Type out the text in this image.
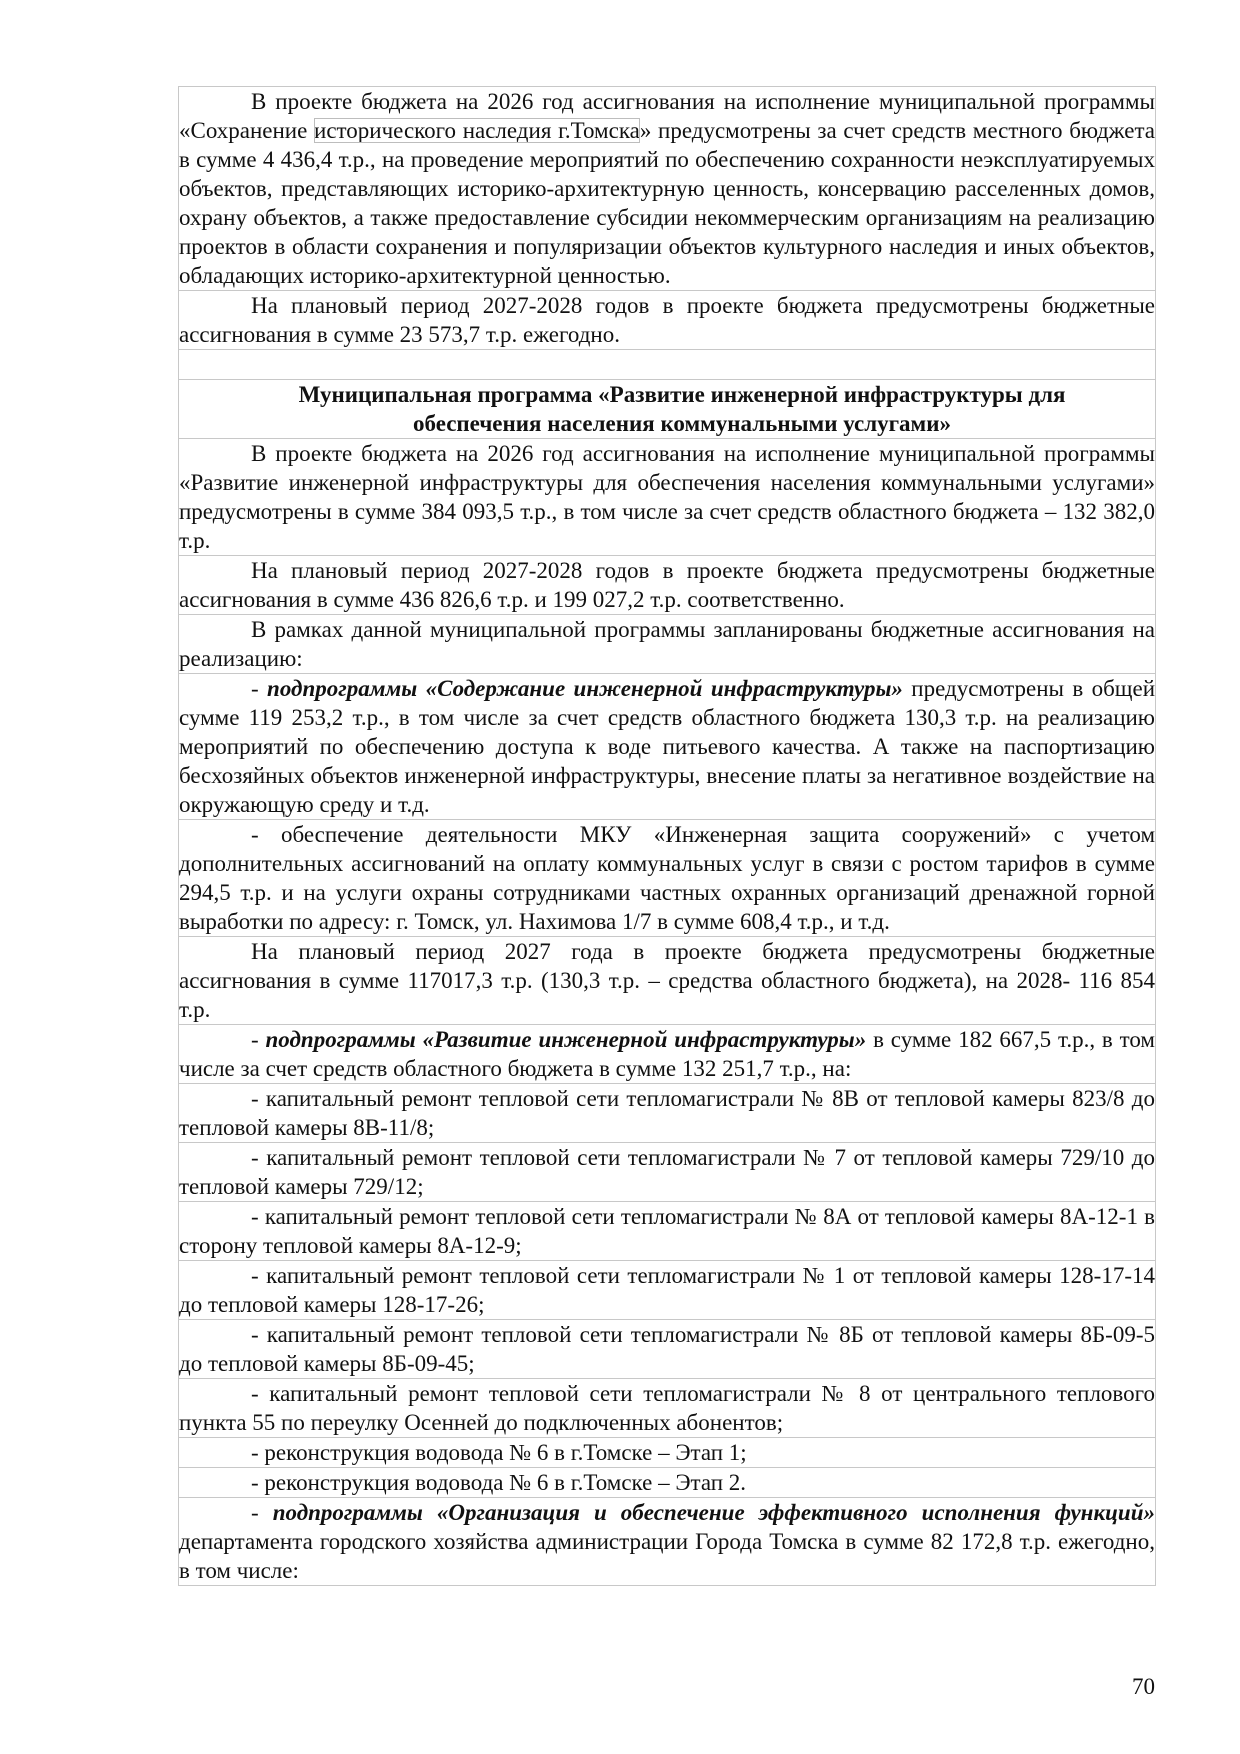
В проекте бюджета на 2026 год ассигнования на исполнение муниципальной программы «Сохранение исторического наследия г.Томска» предусмотрены за счет средств местного бюджета в сумме 4 436,4 т.р., на проведение мероприятий по обеспечению сохранности неэксплуатируемых объектов, представляющих историко-архитектурную ценность, консервацию расселенных домов, охрану объектов, а также предоставление субсидии некоммерческим организациям на реализацию проектов в области сохранения и популяризации объектов культурного наследия и иных объектов, обладающих историко-архитектурной ценностью.

На плановый период 2027-2028 годов в проекте бюджета предусмотрены бюджетные ассигнования в сумме 23 573,7 т.р. ежегодно.

Муниципальная программа «Развитие инженерной инфраструктуры для
обеспечения населения коммунальными услугами»

В проекте бюджета на 2026 год ассигнования на исполнение муниципальной программы «Развитие инженерной инфраструктуры для обеспечения населения коммунальными услугами» предусмотрены в сумме 384 093,5 т.р., в том числе за счет средств областного бюджета – 132 382,0 т.р.

На плановый период 2027-2028 годов в проекте бюджета предусмотрены бюджетные ассигнования в сумме 436 826,6 т.р. и 199 027,2 т.р. соответственно.

В рамках данной муниципальной программы запланированы бюджетные ассигнования на реализацию:

- подпрограммы «Содержание инженерной инфраструктуры» предусмотрены в общей сумме 119 253,2 т.р., в том числе за счет средств областного бюджета 130,3 т.р. на реализацию мероприятий по обеспечению доступа к воде питьевого качества. А также на паспортизацию бесхозяйных объектов инженерной инфраструктуры, внесение платы за негативное воздействие на окружающую среду и т.д.

- обеспечение деятельности МКУ «Инженерная защита сооружений» с учетом дополнительных ассигнований на оплату коммунальных услуг в связи с ростом тарифов в сумме 294,5 т.р. и на услуги охраны сотрудниками частных охранных организаций дренажной горной выработки по адресу: г. Томск, ул. Нахимова 1/7 в сумме 608,4 т.р., и т.д.

На плановый период 2027 года в проекте бюджета предусмотрены бюджетные ассигнования в сумме 117017,3 т.р. (130,3 т.р. – средства областного бюджета), на 2028- 116 854 т.р.

- подпрограммы «Развитие инженерной инфраструктуры» в сумме 182 667,5 т.р., в том числе за счет средств областного бюджета в сумме 132 251,7 т.р., на:

- капитальный ремонт тепловой сети тепломагистрали № 8В от тепловой камеры 823/8 до тепловой камеры 8В-11/8;

- капитальный ремонт тепловой сети тепломагистрали № 7 от тепловой камеры 729/10 до тепловой камеры 729/12;

- капитальный ремонт тепловой сети тепломагистрали № 8А от тепловой камеры 8А-12-1 в сторону тепловой камеры 8А-12-9;

- капитальный ремонт тепловой сети тепломагистрали № 1 от тепловой камеры 128-17-14 до тепловой камеры 128-17-26;

- капитальный ремонт тепловой сети тепломагистрали № 8Б от тепловой камеры 8Б-09-5 до тепловой камеры 8Б-09-45;

- капитальный ремонт тепловой сети тепломагистрали № 8 от центрального теплового пункта 55 по переулку Осенней до подключенных абонентов;

- реконструкция водовода № 6 в г.Томске – Этап 1;

- реконструкция водовода № 6 в г.Томске – Этап 2.

- подпрограммы «Организация и обеспечение эффективного исполнения функций» департамента городского хозяйства администрации Города Томска в сумме 82 172,8 т.р. ежегодно, в том числе:

70
